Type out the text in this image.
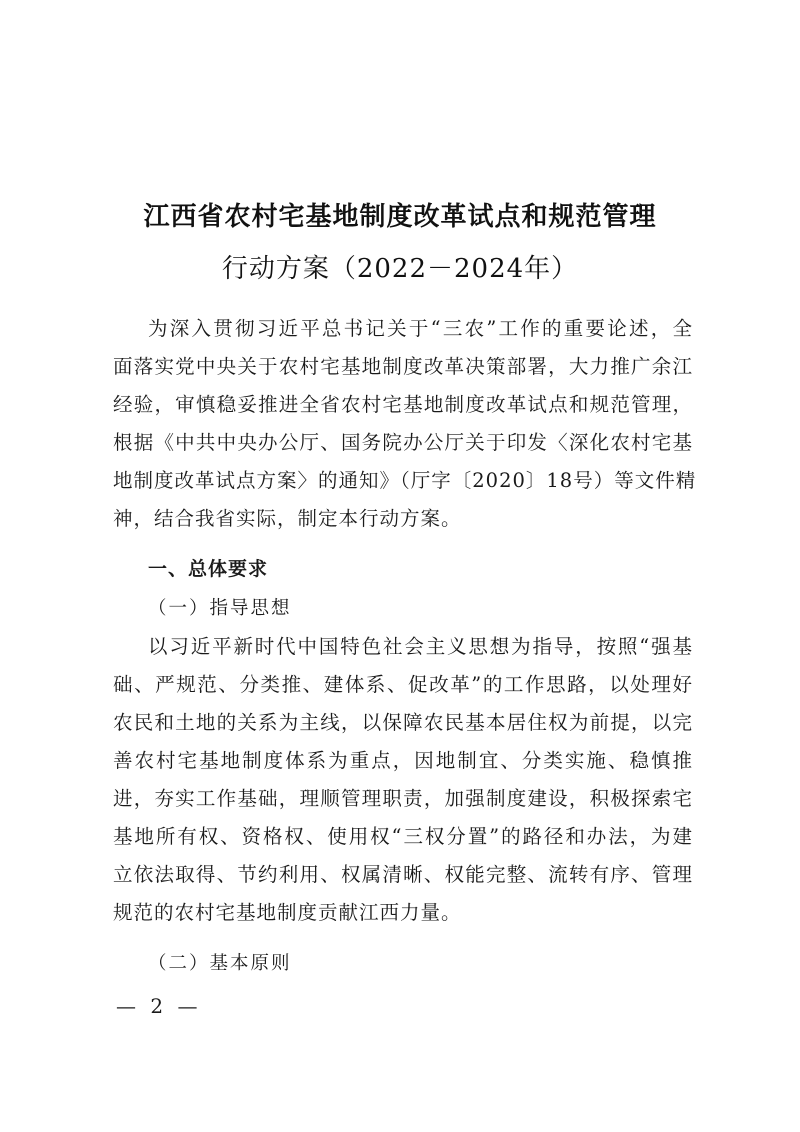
江西省农村宅基地制度改革试点和规范管理
行动方案（2022－2024年）
为深入贯彻习近平总书记关于“三农”工作的重要论述，全
面落实党中央关于农村宅基地制度改革决策部署，大力推广余江
经验，审慎稳妥推进全省农村宅基地制度改革试点和规范管理，
根据《中共中央办公厅、国务院办公厅关于印发〈深化农村宅基
地制度改革试点方案〉的通知》（厅字〔2020〕18号）等文件精
神，结合我省实际，制定本行动方案。
一、总体要求
（一）指导思想
以习近平新时代中国特色社会主义思想为指导，按照“强基
础、严规范、分类推、建体系、促改革”的工作思路，以处理好
农民和土地的关系为主线，以保障农民基本居住权为前提，以完
善农村宅基地制度体系为重点，因地制宜、分类实施、稳慎推
进，夯实工作基础，理顺管理职责，加强制度建设，积极探索宅
基地所有权、资格权、使用权“三权分置”的路径和办法，为建
立依法取得、节约利用、权属清晰、权能完整、流转有序、管理
规范的农村宅基地制度贡献江西力量。
（二）基本原则
— 2 —
